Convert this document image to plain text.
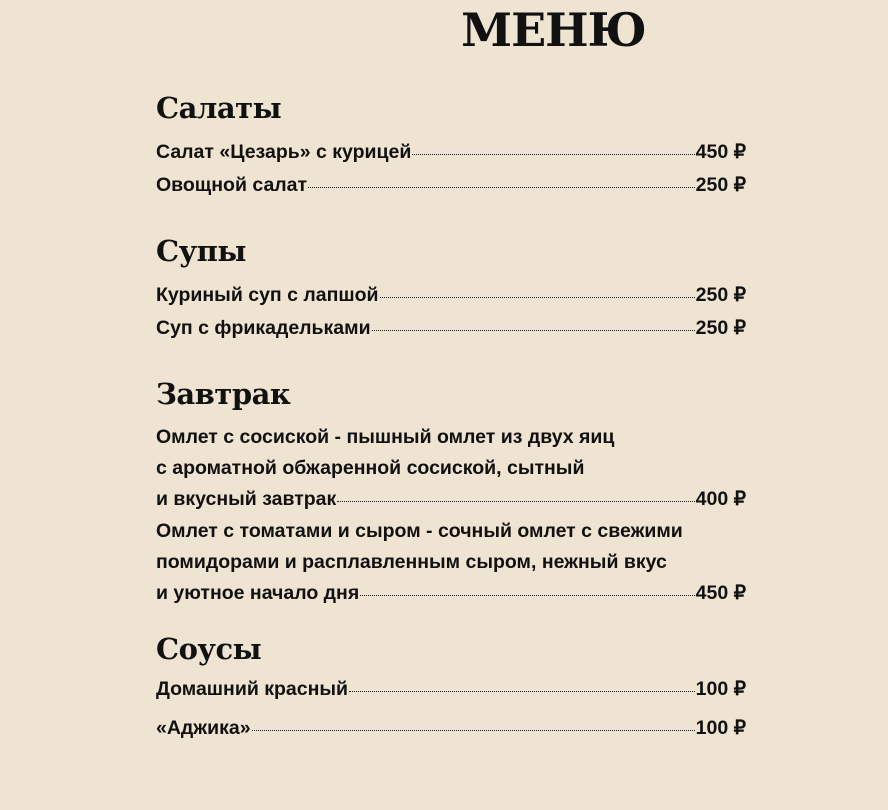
МЕНЮ
Салаты
Салат «Цезарь» с курицей	450 ₽
Овощной салат	250 ₽
Супы
Куриный суп с лапшой	250 ₽
Суп с фрикадельками	250 ₽
Завтрак
Омлет с сосиской - пышный омлет из двух яиц
с ароматной обжаренной сосиской, сытный
и вкусный завтрак	400 ₽
Омлет с томатами и сыром - сочный омлет с свежими
помидорами и расплавленным сыром, нежный вкус
и уютное начало дня	450 ₽
Соусы
Домашний красный	100 ₽
«Аджика»	100 ₽
